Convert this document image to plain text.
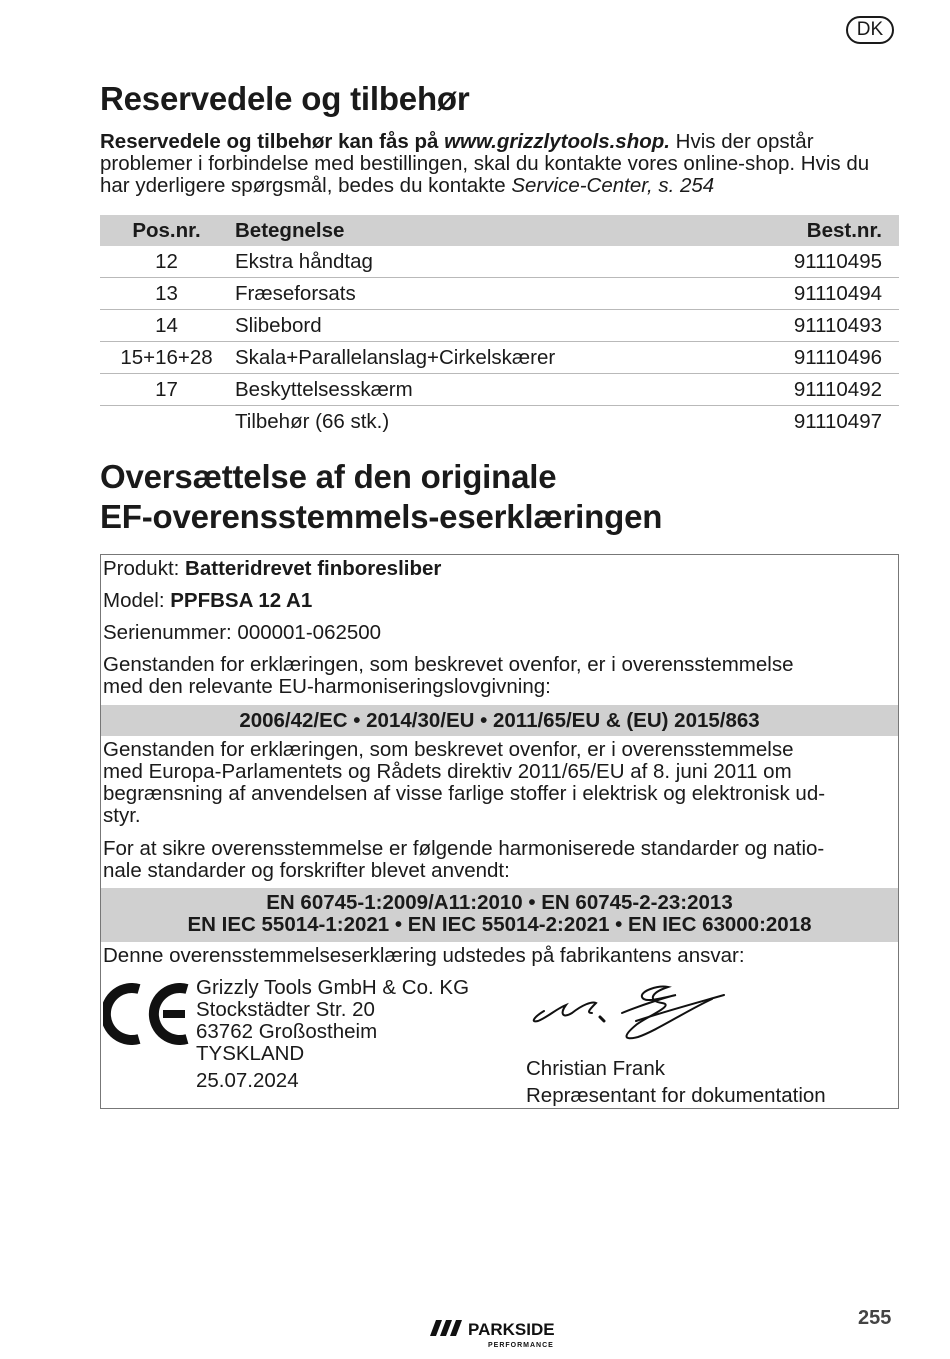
DK
Reservedele og tilbehør
Reservedele og tilbehør kan fås på www.grizzlytools.shop. Hvis der opstår problemer i forbindelse med bestillingen, skal du kontakte vores online-shop. Hvis du har yderligere spørgsmål, bedes du kontakte Service-Center, s. 254
Pos.nr.	Betegnelse	Best.nr.
12	Ekstra håndtag	91110495
13	Fræseforsats	91110494
14	Slibebord	91110493
15+16+28	Skala+Parallelanslag+Cirkelskærer	91110496
17	Beskyttelsesskærm	91110492
	Tilbehør (66 stk.)	91110497
Oversættelse af den originale
EF-overensstemmels-eserklæringen
Produkt: Batteridrevet finboresliber
Model: PPFBSA 12 A1
Serienummer: 000001-062500
Genstanden for erklæringen, som beskrevet ovenfor, er i overensstemmelse
med den relevante EU-harmoniseringslovgivning:
2006/42/EC • 2014/30/EU • 2011/65/EU & (EU) 2015/863
Genstanden for erklæringen, som beskrevet ovenfor, er i overensstemmelse
med Europa-Parlamentets og Rådets direktiv 2011/65/EU af 8. juni 2011 om
begrænsning af anvendelsen af visse farlige stoffer i elektrisk og elektronisk ud-
styr.
For at sikre overensstemmelse er følgende harmoniserede standarder og natio-
nale standarder og forskrifter blevet anvendt:
EN 60745-1:2009/A11:2010 • EN 60745-2-23:2013
EN IEC 55014-1:2021 • EN IEC 55014-2:2021 • EN IEC 63000:2018
Denne overensstemmelseserklæring udstedes på fabrikantens ansvar:
Grizzly Tools GmbH & Co. KG
Stockstädter Str. 20
63762 Großostheim
TYSKLAND
25.07.2024
Christian Frank
Repræsentant for dokumentation
PARKSIDE
PERFORMANCE
255
